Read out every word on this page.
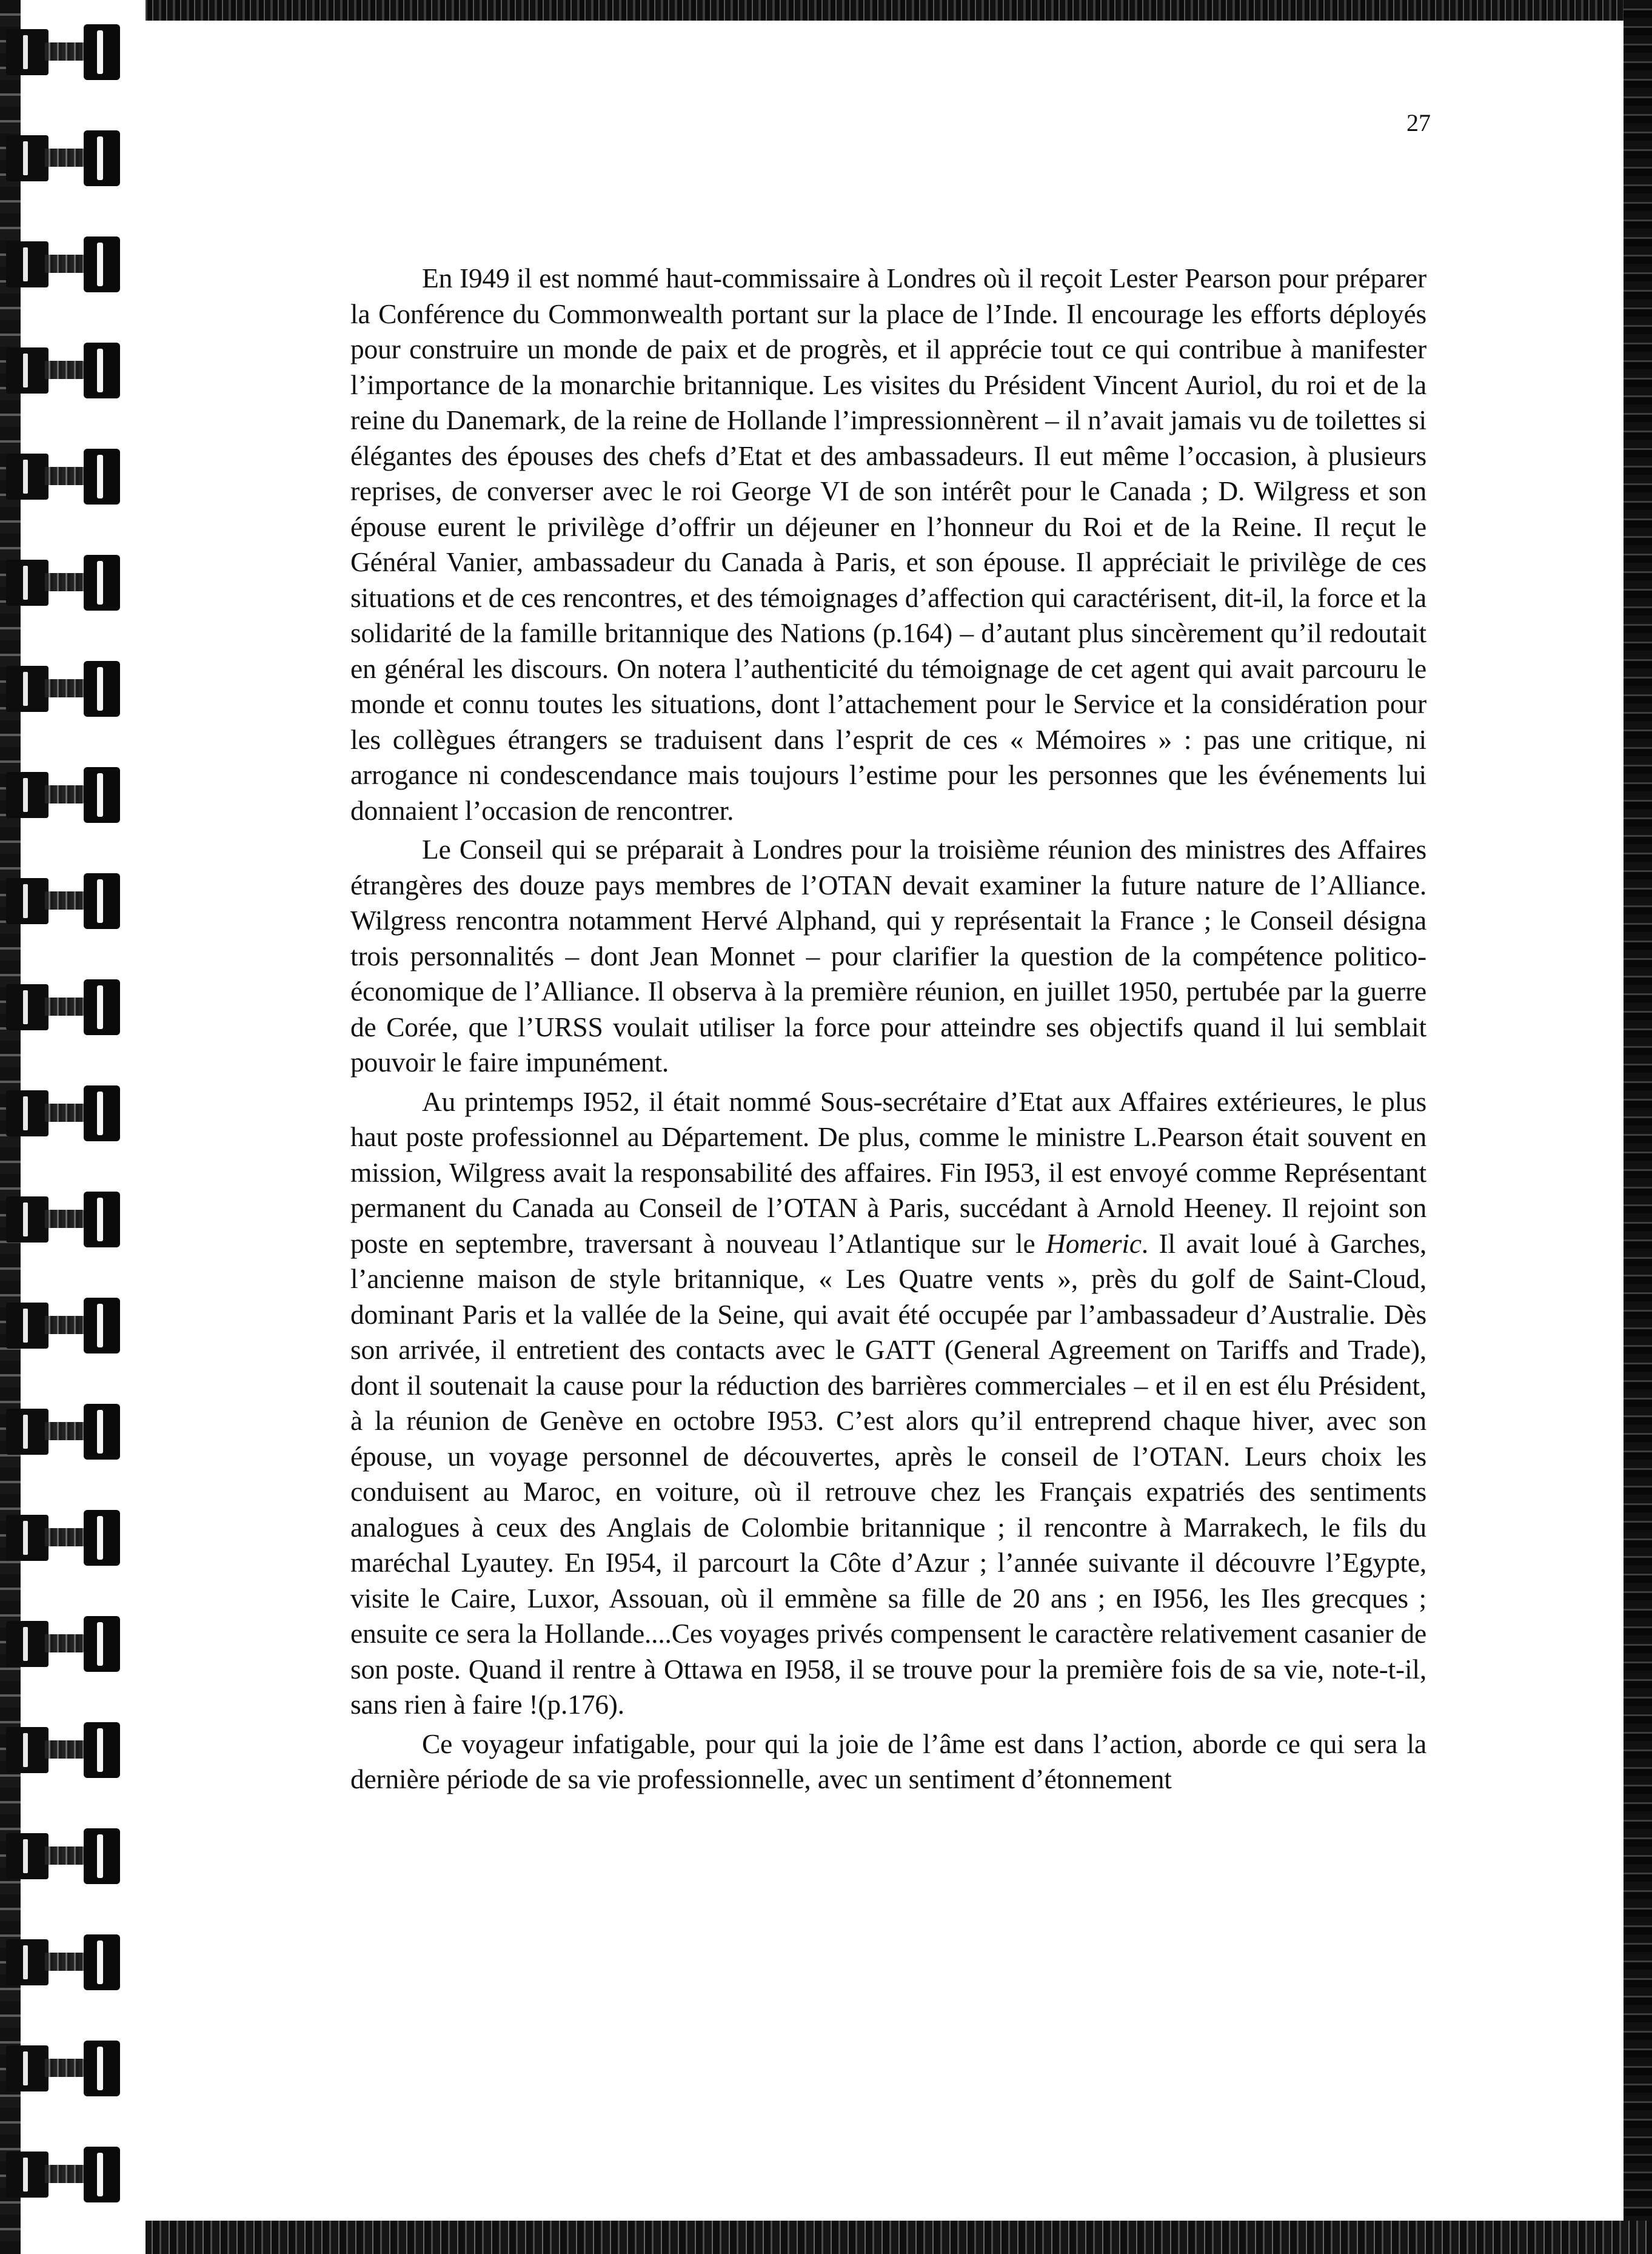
27

En I949 il est nommé haut-commissaire à Londres où il reçoit Lester Pearson pour préparer la Conférence du Commonwealth portant sur la place de l’Inde. Il encourage les efforts déployés pour construire un monde de paix et de progrès, et il apprécie tout ce qui contribue à manifester l’importance de la monarchie britannique. Les visites du Président Vincent Auriol, du roi et de la reine du Danemark, de la reine de Hollande l’impressionnèrent – il n’avait jamais vu de toilettes si élégantes des épouses des chefs d’Etat et des ambassadeurs. Il eut même l’occasion, à plusieurs reprises, de converser avec le roi George VI de son intérêt pour le Canada ; D. Wilgress et son épouse eurent le privilège d’offrir un déjeuner en l’honneur du Roi et de la Reine. Il reçut le Général Vanier, ambassadeur du Canada à Paris, et son épouse. Il appréciait le privilège de ces situations et de ces rencontres, et des témoignages d’affection qui caractérisent, dit-il, la force et la solidarité de la famille britannique des Nations (p.164) – d’autant plus sincèrement qu’il redoutait en général les discours. On notera l’authenticité du témoignage de cet agent qui avait parcouru le monde et connu toutes les situations, dont l’attachement pour le Service et la considération pour les collègues étrangers se traduisent dans l’esprit de ces « Mémoires » : pas une critique, ni arrogance ni condescendance mais toujours l’estime pour les personnes que les événements lui donnaient l’occasion de rencontrer.

Le Conseil qui se préparait à Londres pour la troisième réunion des ministres des Affaires étrangères des douze pays membres de l’OTAN devait examiner la future nature de l’Alliance. Wilgress rencontra notamment Hervé Alphand, qui y représentait la France ; le Conseil désigna trois personnalités – dont Jean Monnet – pour clarifier la question de la compétence politico-économique de l’Alliance. Il observa à la première réunion, en juillet 1950, pertubée par la guerre de Corée, que l’URSS voulait utiliser la force pour atteindre ses objectifs quand il lui semblait pouvoir le faire impunément.

Au printemps I952, il était nommé Sous-secrétaire d’Etat aux Affaires extérieures, le plus haut poste professionnel au Département. De plus, comme le ministre L.Pearson était souvent en mission, Wilgress avait la responsabilité des affaires. Fin I953, il est envoyé comme Représentant permanent du Canada au Conseil de l’OTAN à Paris, succédant à Arnold Heeney. Il rejoint son poste en septembre, traversant à nouveau l’Atlantique sur le Homeric. Il avait loué à Garches, l’ancienne maison de style britannique, « Les Quatre vents », près du golf de Saint-Cloud, dominant Paris et la vallée de la Seine, qui avait été occupée par l’ambassadeur d’Australie. Dès son arrivée, il entretient des contacts avec le GATT (General Agreement on Tariffs and Trade), dont il soutenait la cause pour la réduction des barrières commerciales – et il en est élu Président, à la réunion de Genève en octobre I953. C’est alors qu’il entreprend chaque hiver, avec son épouse, un voyage personnel de découvertes, après le conseil de l’OTAN. Leurs choix les conduisent au Maroc, en voiture, où il retrouve chez les Français expatriés des sentiments analogues à ceux des Anglais de Colombie britannique ; il rencontre à Marrakech, le fils du maréchal Lyautey. En I954, il parcourt la Côte d’Azur ; l’année suivante il découvre l’Egypte, visite le Caire, Luxor, Assouan, où il emmène sa fille de 20 ans ; en I956, les Iles grecques ; ensuite ce sera la Hollande....Ces voyages privés compensent le caractère relativement casanier de son poste. Quand il rentre à Ottawa en I958, il se trouve pour la première fois de sa vie, note-t-il, sans rien à faire !(p.176).

Ce voyageur infatigable, pour qui la joie de l’âme est dans l’action, aborde ce qui sera la dernière période de sa vie professionnelle, avec un sentiment d’étonnement
